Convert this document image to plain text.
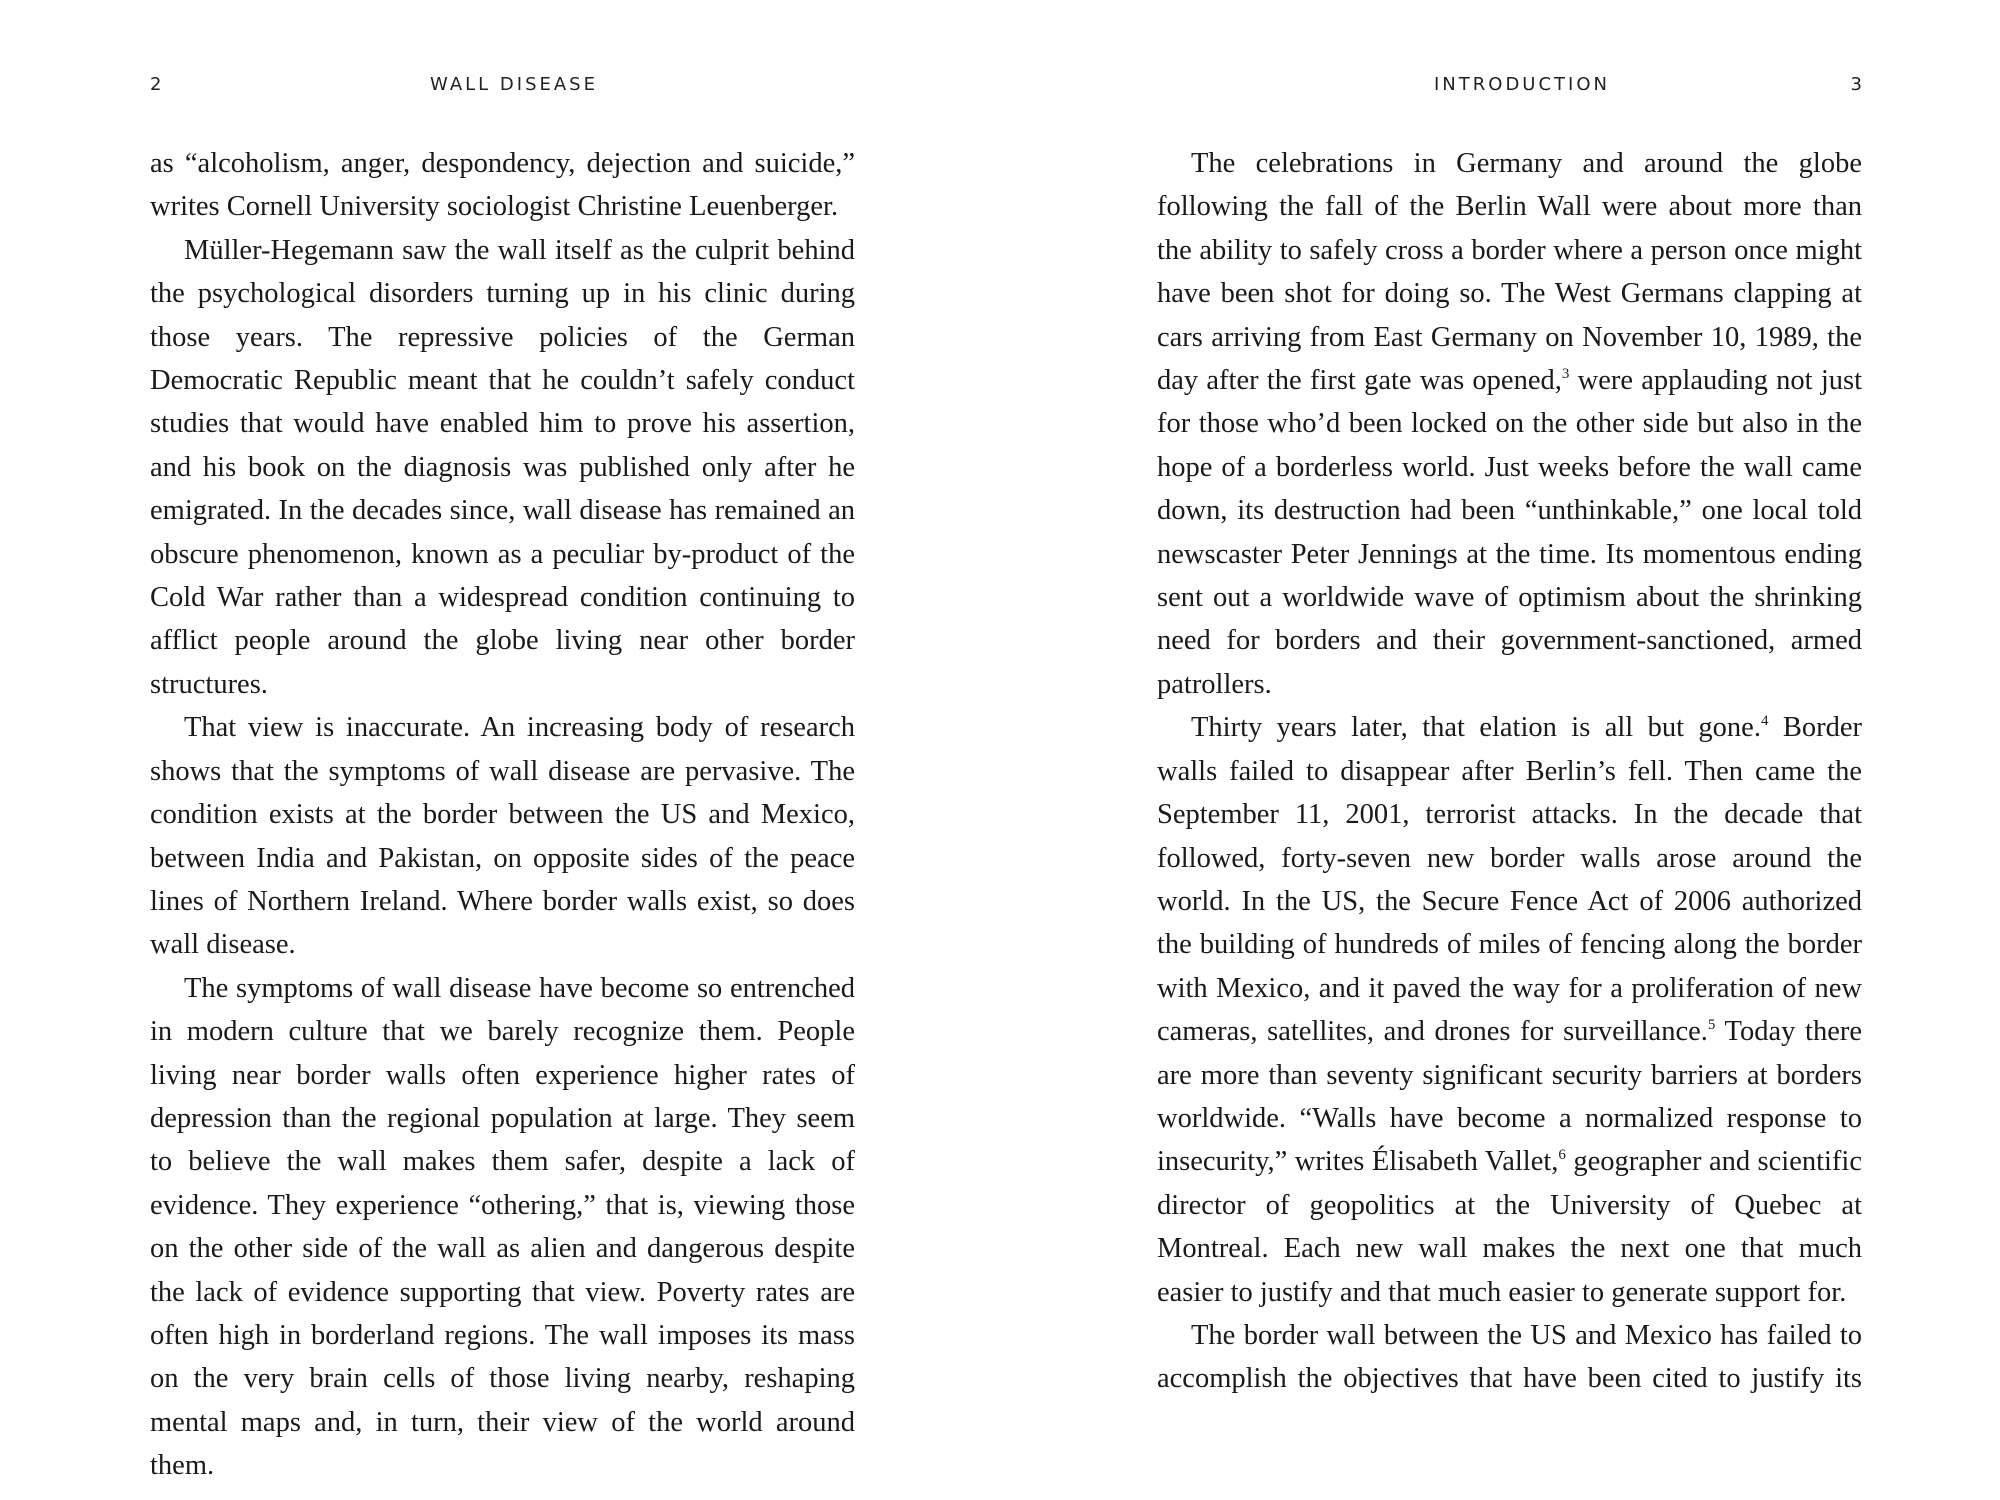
2	WALL DISEASE

as “alcoholism, anger, despondency, dejection and suicide,” writes Cornell University sociologist Christine Leuenberger.

Müller-Hegemann saw the wall itself as the culprit behind the psychological disorders turning up in his clinic during those years. The repressive policies of the German Democratic Republic meant that he couldn’t safely conduct studies that would have enabled him to prove his assertion, and his book on the diagnosis was published only after he emigrated. In the decades since, wall disease has remained an obscure phenomenon, known as a peculiar by-product of the Cold War rather than a widespread condition continuing to afflict people around the globe living near other border structures.

That view is inaccurate. An increasing body of research shows that the symptoms of wall disease are pervasive. The condition exists at the border between the US and Mexico, between India and Pakistan, on opposite sides of the peace lines of Northern Ireland. Where border walls exist, so does wall disease.

The symptoms of wall disease have become so entrenched in modern culture that we barely recognize them. People living near border walls often experience higher rates of depression than the regional population at large. They seem to believe the wall makes them safer, despite a lack of evidence. They experience “othering,” that is, viewing those on the other side of the wall as alien and dangerous despite the lack of evidence supporting that view. Poverty rates are often high in borderland regions. The wall imposes its mass on the very brain cells of those living nearby, reshaping mental maps and, in turn, their view of the world around them.

INTRODUCTION	3

The celebrations in Germany and around the globe following the fall of the Berlin Wall were about more than the ability to safely cross a border where a person once might have been shot for doing so. The West Germans clapping at cars arriving from East Germany on November 10, 1989, the day after the first gate was opened,$^3$ were applauding not just for those who’d been locked on the other side but also in the hope of a borderless world. Just weeks before the wall came down, its destruction had been “unthinkable,” one local told newscaster Peter Jennings at the time. Its momentous ending sent out a worldwide wave of optimism about the shrinking need for borders and their government-sanctioned, armed patrollers.

Thirty years later, that elation is all but gone.$^4$ Border walls failed to disappear after Berlin’s fell. Then came the September 11, 2001, terrorist attacks. In the decade that followed, forty-seven new border walls arose around the world. In the US, the Secure Fence Act of 2006 authorized the building of hundreds of miles of fencing along the border with Mexico, and it paved the way for a proliferation of new cameras, satellites, and drones for surveillance.$^5$ Today there are more than seventy significant security barriers at borders worldwide. “Walls have become a normalized response to insecurity,” writes Élisabeth Vallet,$^6$ geographer and scientific director of geopolitics at the University of Quebec at Montreal. Each new wall makes the next one that much easier to justify and that much easier to generate support for.

The border wall between the US and Mexico has failed to accomplish the objectives that have been cited to justify its
